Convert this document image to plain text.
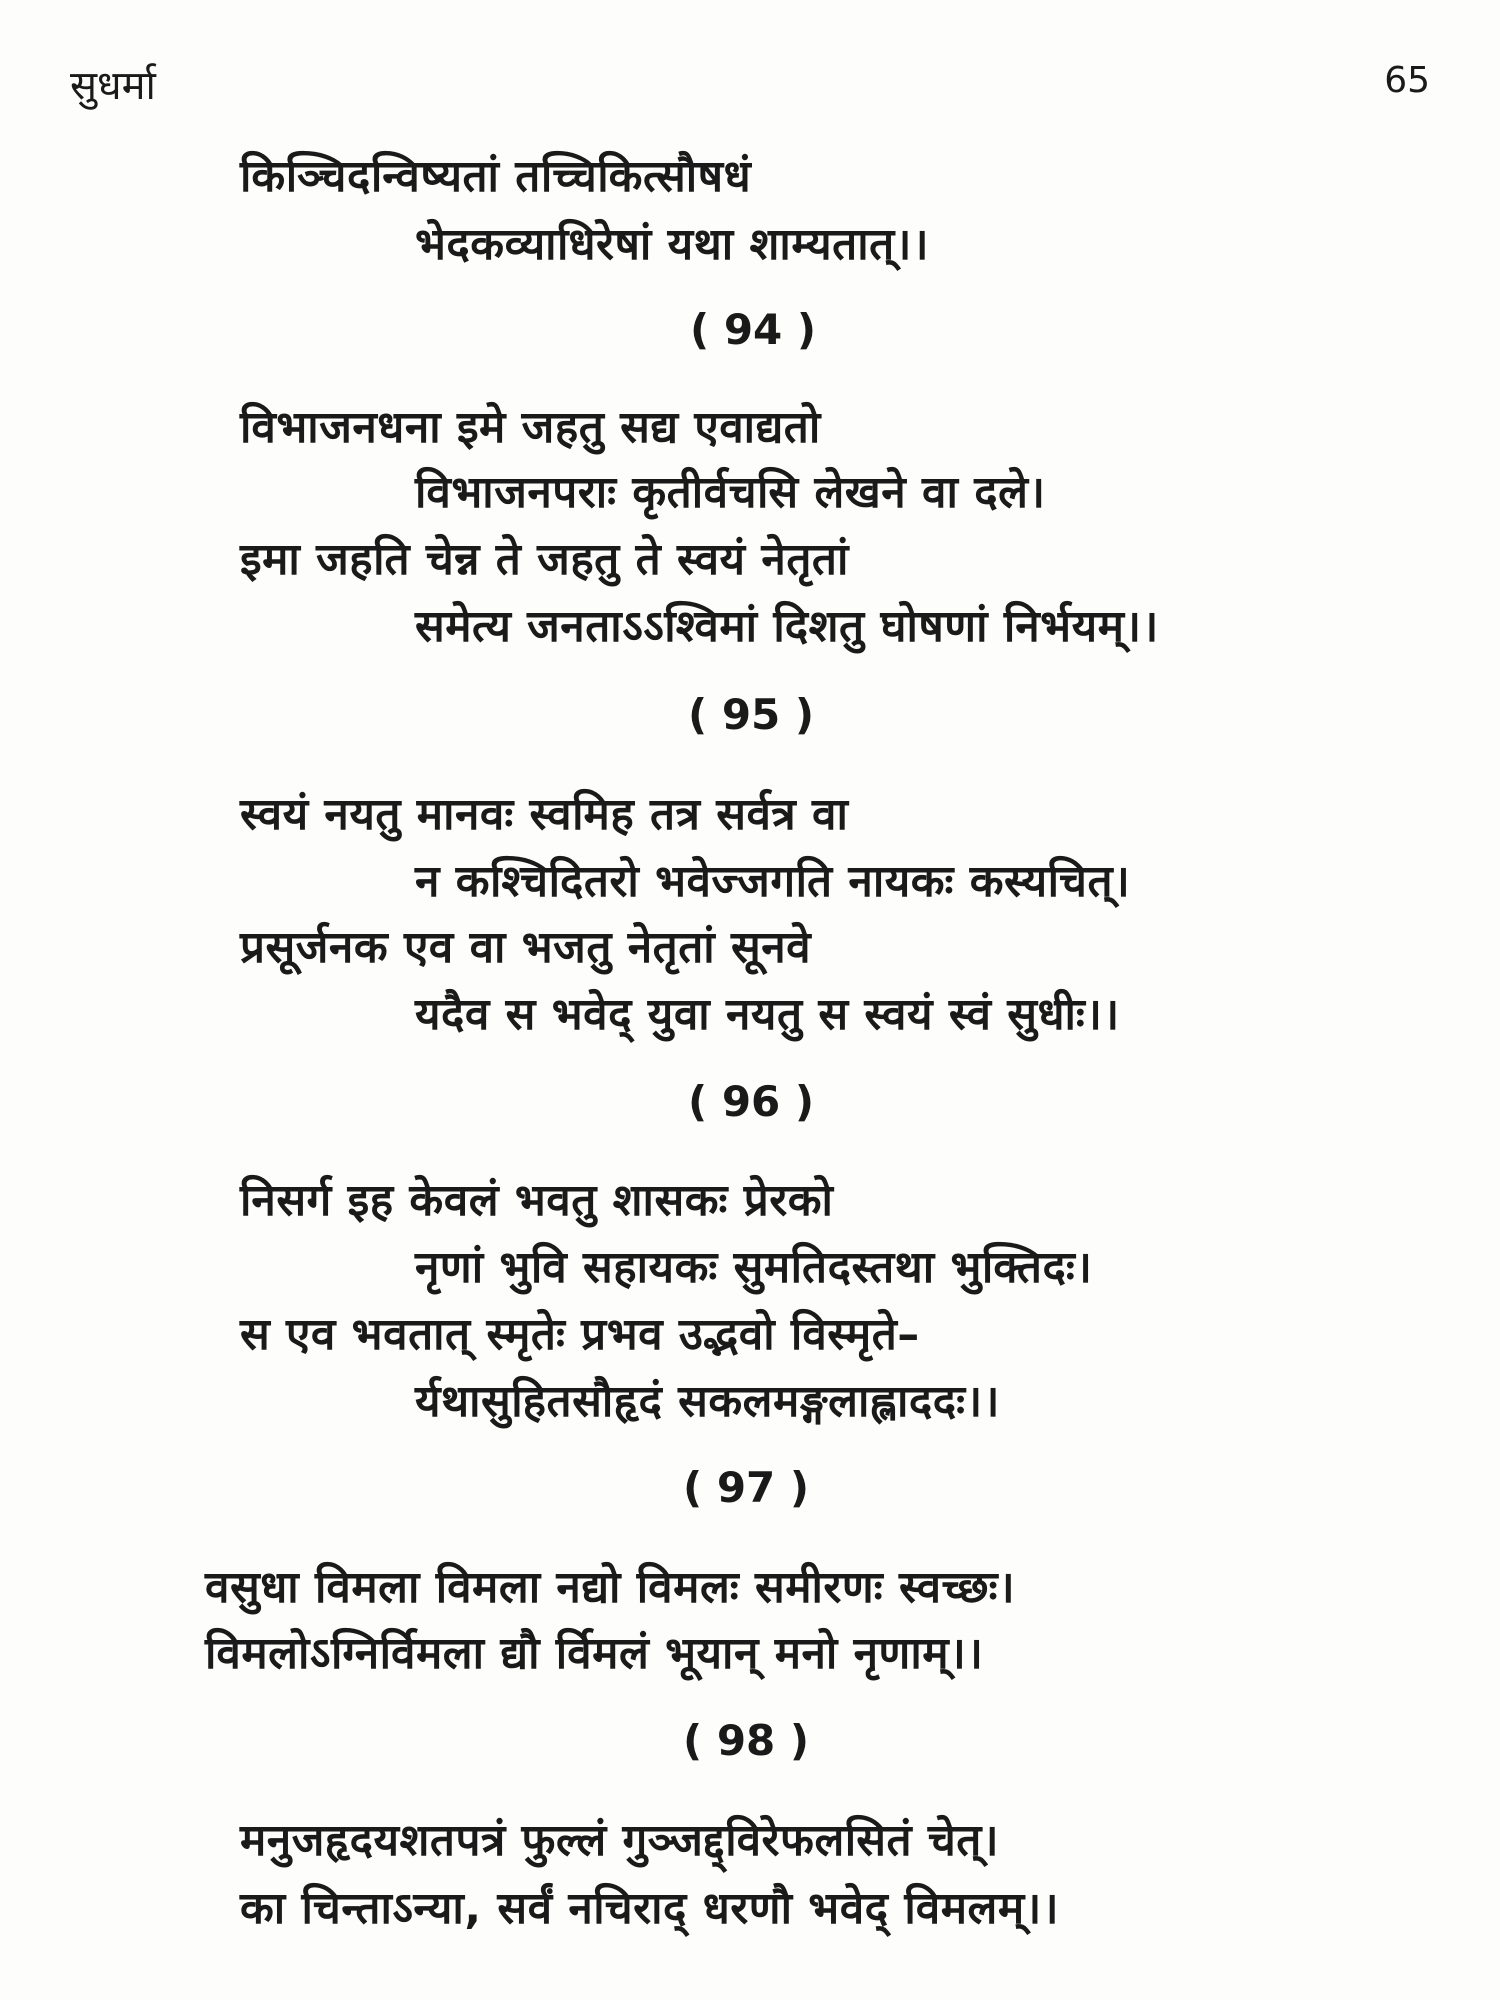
सुधर्मा	65
किञ्चिदन्विष्यतां तच्चिकित्सौषधं
भेदकव्याधिरेषां यथा शाम्यतात्।।
( 94 )
विभाजनधना इमे जहतु सद्य एवाद्यतो
विभाजनपराः कृतीर्वचसि लेखने वा दले।
इमा जहति चेन्न ते जहतु ते स्वयं नेतृतां
समेत्य जनताऽऽश्विमां दिशतु घोषणां निर्भयम्।।
( 95 )
स्वयं नयतु मानवः स्वमिह तत्र सर्वत्र वा
न कश्चिदितरो भवेज्जगति नायकः कस्यचित्।
प्रसूर्जनक एव वा भजतु नेतृतां सूनवे
यदैव स भवेद् युवा नयतु स स्वयं स्वं सुधीः।।
( 96 )
निसर्ग इह केवलं भवतु शासकः प्रेरको
नृणां भुवि सहायकः सुमतिदस्तथा भुक्तिदः।
स एव भवतात् स्मृतेः प्रभव उद्भवो विस्मृते–
र्यथासुहितसौहृदं सकलमङ्गलाह्लाददः।।
( 97 )
वसुधा विमला विमला नद्यो विमलः समीरणः स्वच्छः।
विमलोऽग्निर्विमला द्यौ र्विमलं भूयान् मनो नृणाम्।।
( 98 )
मनुजहृदयशतपत्रं फुल्लं गुञ्जद्द्विरेफलसितं चेत्।
का चिन्ताऽन्या, सर्वं नचिराद् धरणौ भवेद् विमलम्।।
